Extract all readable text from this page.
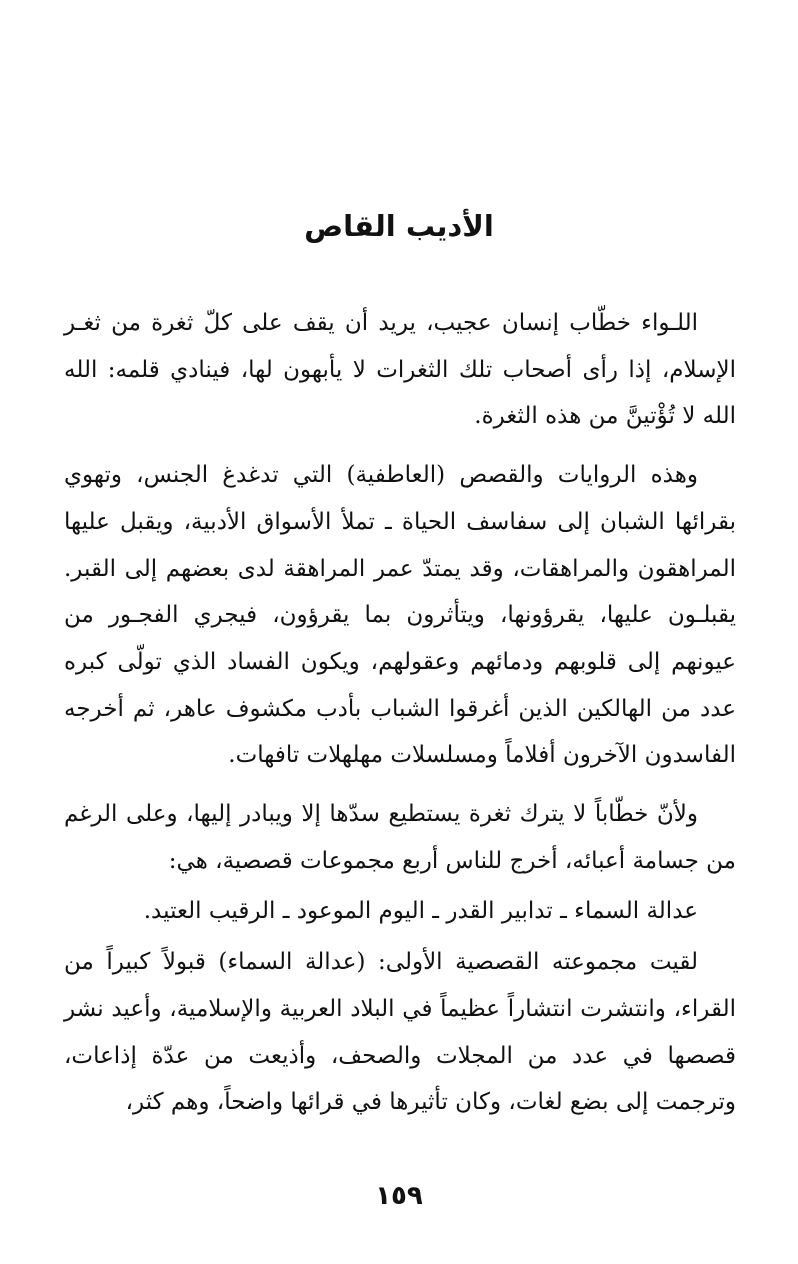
الأديب القاص

اللـواء خطّاب إنسان عجيب، يريد أن يقف على كلّ ثغرة من ثغـر الإسلام، إذا رأى أصحاب تلك الثغرات لا يأبهون لها، فينادي قلمه: الله الله لا تُؤْتينَّ من هذه الثغرة.

وهذه الروايات والقصص (العاطفية) التي تدغدغ الجنس، وتهوي بقرائها الشبان إلى سفاسف الحياة ـ تملأ الأسواق الأدبية، ويقبل عليها المراهقون والمراهقات، وقد يمتدّ عمر المراهقة لدى بعضهم إلى القبر. يقبلـون عليها، يقرؤونها، ويتأثرون بما يقرؤون، فيجري الفجـور من عيونهم إلى قلوبهم ودمائهم وعقولهم، ويكون الفساد الذي تولّى كبره عدد من الهالكين الذين أغرقوا الشباب بأدب مكشوف عاهر، ثم أخرجه الفاسدون الآخرون أفلاماً ومسلسلات مهلهلات تافهات.

ولأنّ خطّاباً لا يترك ثغرة يستطيع سدّها إلا ويبادر إليها، وعلى الرغم من جسامة أعبائه، أخرج للناس أربع مجموعات قصصية، هي:

عدالة السماء ـ تدابير القدر ـ اليوم الموعود ـ الرقيب العتيد.

لقيت مجموعته القصصية الأولى: (عدالة السماء) قبولاً كبيراً من القراء، وانتشرت انتشاراً عظيماً في البلاد العربية والإسلامية، وأعيد نشر قصصها في عدد من المجلات والصحف، وأذيعت من عدّة إذاعات، وترجمت إلى بضع لغات، وكان تأثيرها في قرائها واضحاً، وهم كثر،

١٥٩
